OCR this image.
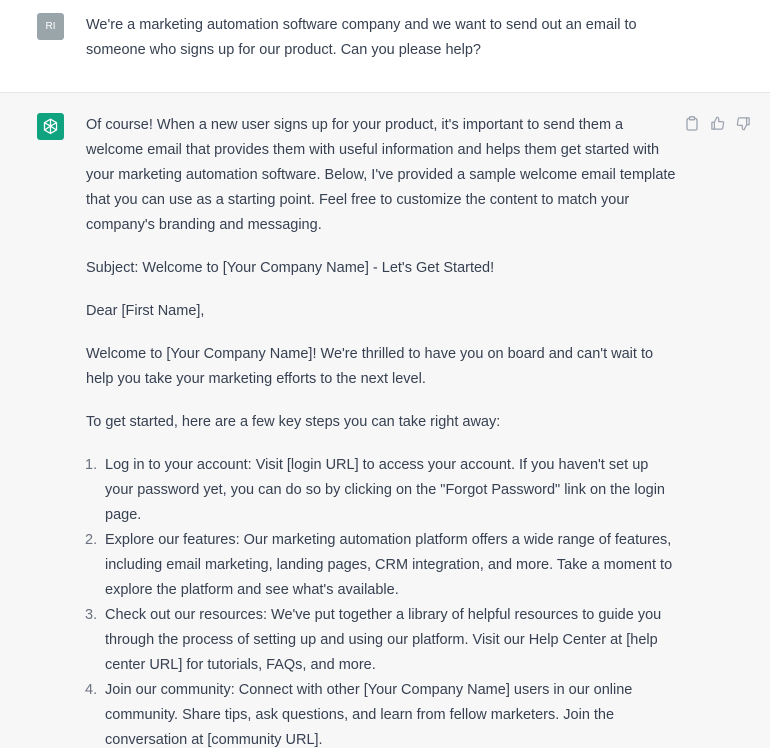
RI	We're a marketing automation software company and we want to send out an email to someone who signs up for our product. Can you please help?

Of course! When a new user signs up for your product, it's important to send them a welcome email that provides them with useful information and helps them get started with your marketing automation software. Below, I've provided a sample welcome email template that you can use as a starting point. Feel free to customize the content to match your company's branding and messaging.

Subject: Welcome to [Your Company Name] - Let's Get Started!

Dear [First Name],

Welcome to [Your Company Name]! We're thrilled to have you on board and can't wait to help you take your marketing efforts to the next level.

To get started, here are a few key steps you can take right away:

1 . Log in to your account: Visit [login URL] to access your account. If you haven't set up your password yet, you can do so by clicking on the "Forgot Password" link on the login page.
2 . Explore our features: Our marketing automation platform offers a wide range of features, including email marketing, landing pages, CRM integration, and more. Take a moment to explore the platform and see what's available.
3 . Check out our resources: We've put together a library of helpful resources to guide you through the process of setting up and using our platform. Visit our Help Center at [help center URL] for tutorials, FAQs, and more.
4 . Join our community: Connect with other [Your Company Name] users in our online community. Share tips, ask questions, and learn from fellow marketers. Join the conversation at [community URL].
